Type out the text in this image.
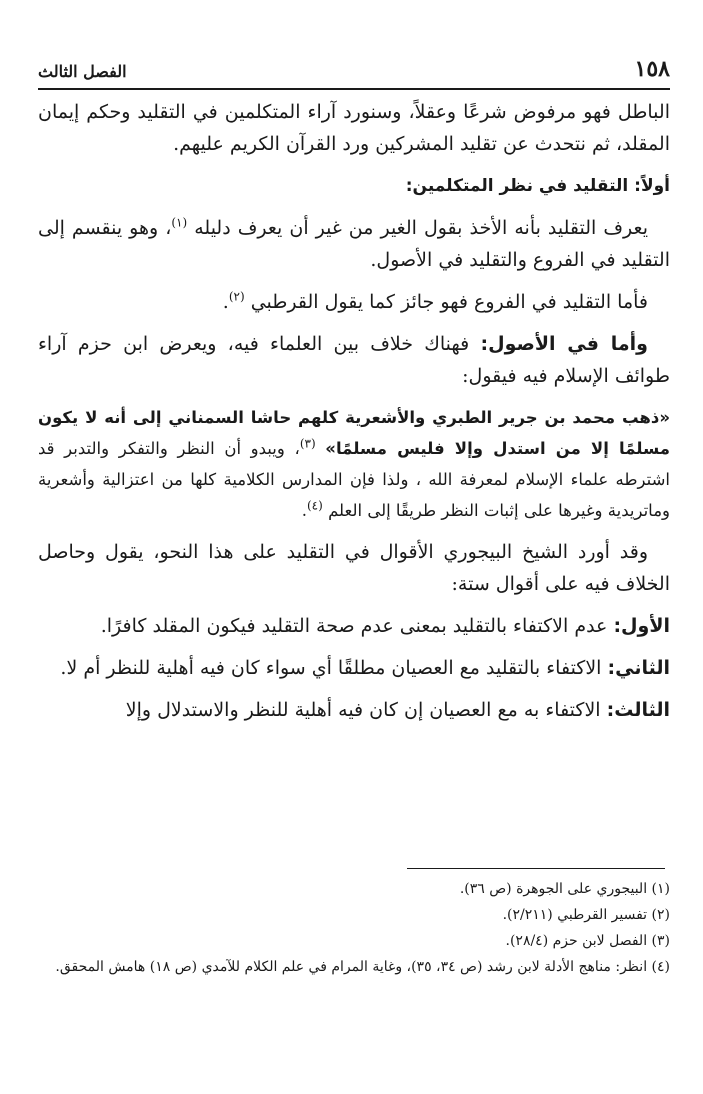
١٥٨
الفصل الثالث

الباطل فهو مرفوض شرعًا وعقلاً، وسنورد آراء المتكلمين في التقليد وحكم إيمان المقلد، ثم نتحدث عن تقليد المشركين ورد القرآن الكريم عليهم.

أولاً: التقليد في نظر المتكلمين:

يعرف التقليد بأنه الأخذ بقول الغير من غير أن يعرف دليله $^{(١)}$، وهو ينقسم إلى التقليد في الفروع والتقليد في الأصول.

فأما التقليد في الفروع فهو جائز كما يقول القرطبي $^{(٢)}$.

وأما في الأصول: فهناك خلاف بين العلماء فيه، ويعرض ابن حزم آراء طوائف الإسلام فيه فيقول:

«ذهب محمد بن جرير الطبري والأشعرية كلهم حاشا السمناني إلى أنه لا يكون مسلمًا إلا من استدل وإلا فليس مسلمًا» $^{(٣)}$، ويبدو أن النظر والتفكر والتدبر قد اشترطه علماء الإسلام لمعرفة الله ، ولذا فإن المدارس الكلامية كلها من اعتزالية وأشعرية وماتريدية وغيرها على إثبات النظر طريقًا إلى العلم $^{(٤)}$.

وقد أورد الشيخ البيجوري الأقوال في التقليد على هذا النحو، يقول وحاصل الخلاف فيه على أقوال ستة:

الأول: عدم الاكتفاء بالتقليد بمعنى عدم صحة التقليد فيكون المقلد كافرًا.

الثاني: الاكتفاء بالتقليد مع العصيان مطلقًا أي سواء كان فيه أهلية للنظر أم لا.

الثالث: الاكتفاء به مع العصيان إن كان فيه أهلية للنظر والاستدلال وإلا

(١) البيجوري على الجوهرة (ص ٣٦).
(٢) تفسير القرطبي (٢/٢١١).
(٣) الفصل لابن حزم (٢٨/٤).
(٤) انظر: مناهج الأدلة لابن رشد (ص ٣٤، ٣٥)، وغاية المرام في علم الكلام للآمدي (ص ١٨) هامش المحقق.
